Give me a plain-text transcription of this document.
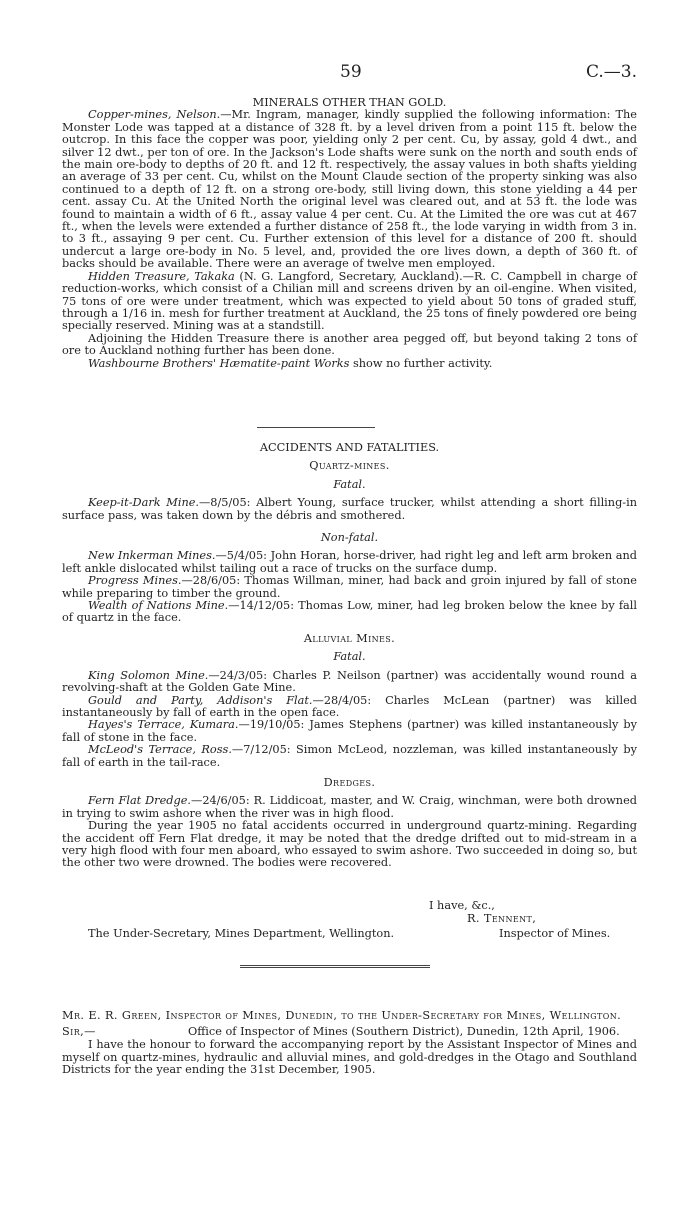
59	C.—3.
MINERALS OTHER THAN GOLD.

Copper-mines, Nelson.—Mr. Ingram, manager, kindly supplied the following information: The Monster Lode was tapped at a distance of 328 ft. by a level driven from a point 115 ft. below the outcrop. In this face the copper was poor, yielding only 2 per cent. Cu, by assay, gold 4 dwt., and silver 12 dwt., per ton of ore. In the Jackson's Lode shafts were sunk on the north and south ends of the main ore-body to depths of 20 ft. and 12 ft. respectively, the assay values in both shafts yielding an average of 33 per cent. Cu, whilst on the Mount Claude section of the property sinking was also continued to a depth of 12 ft. on a strong ore-body, still living down, this stone yielding a 44 per cent. assay Cu. At the United North the original level was cleared out, and at 53 ft. the lode was found to maintain a width of 6 ft., assay value 4 per cent. Cu. At the Limited the ore was cut at 467 ft., when the levels were extended a further distance of 258 ft., the lode varying in width from 3 in. to 3 ft., assaying 9 per cent. Cu. Further extension of this level for a distance of 200 ft. should undercut a large ore-body in No. 5 level, and, provided the ore lives down, a depth of 360 ft. of backs should be available. There were an average of twelve men employed.

Hidden Treasure, Takaka (N. G. Langford, Secretary, Auckland).—R. C. Campbell in charge of reduction-works, which consist of a Chilian mill and screens driven by an oil-engine. When visited, 75 tons of ore were under treatment, which was expected to yield about 50 tons of graded stuff, through a 1/16 in. mesh for further treatment at Auckland, the 25 tons of finely powdered ore being specially reserved. Mining was at a standstill.

Adjoining the Hidden Treasure there is another area pegged off, but beyond taking 2 tons of ore to Auckland nothing further has been done.

Washbourne Brothers' Hæmatite-paint Works show no further activity.

ACCIDENTS AND FATALITIES.
Quartz-mines.
Fatal.

Keep-it-Dark Mine.—8/5/05: Albert Young, surface trucker, whilst attending a short filling-in surface pass, was taken down by the débris and smothered.

Non-fatal.

New Inkerman Mines.—5/4/05: John Horan, horse-driver, had right leg and left arm broken and left ankle dislocated whilst tailing out a race of trucks on the surface dump.

Progress Mines.—28/6/05: Thomas Willman, miner, had back and groin injured by fall of stone while preparing to timber the ground.

Wealth of Nations Mine.—14/12/05: Thomas Low, miner, had leg broken below the knee by fall of quartz in the face.

Alluvial Mines.
Fatal.

King Solomon Mine.—24/3/05: Charles P. Neilson (partner) was accidentally wound round a revolving-shaft at the Golden Gate Mine.

Gould and Party, Addison's Flat.—28/4/05: Charles McLean (partner) was killed instantaneously by fall of earth in the open face.

Hayes's Terrace, Kumara.—19/10/05: James Stephens (partner) was killed instantaneously by fall of stone in the face.

McLeod's Terrace, Ross.—7/12/05: Simon McLeod, nozzleman, was killed instantaneously by fall of earth in the tail-race.

Dredges.

Fern Flat Dredge.—24/6/05: R. Liddicoat, master, and W. Craig, winchman, were both drowned in trying to swim ashore when the river was in high flood.

During the year 1905 no fatal accidents occurred in underground quartz-mining. Regarding the accident off Fern Flat dredge, it may be noted that the dredge drifted out to mid-stream in a very high flood with four men aboard, who essayed to swim ashore. Two succeeded in doing so, but the other two were drowned. The bodies were recovered.

I have, &c.,
R. Tennent,
Inspector of Mines.
The Under-Secretary, Mines Department, Wellington.
Mr. E. R. Green, Inspector of Mines, Dunedin, to the Under-Secretary for Mines, Wellington.
Sir,—	Office of Inspector of Mines (Southern District), Dunedin, 12th April, 1906.

I have the honour to forward the accompanying report by the Assistant Inspector of Mines and myself on quartz-mines, hydraulic and alluvial mines, and gold-dredges in the Otago and Southland Districts for the year ending the 31st December, 1905.
